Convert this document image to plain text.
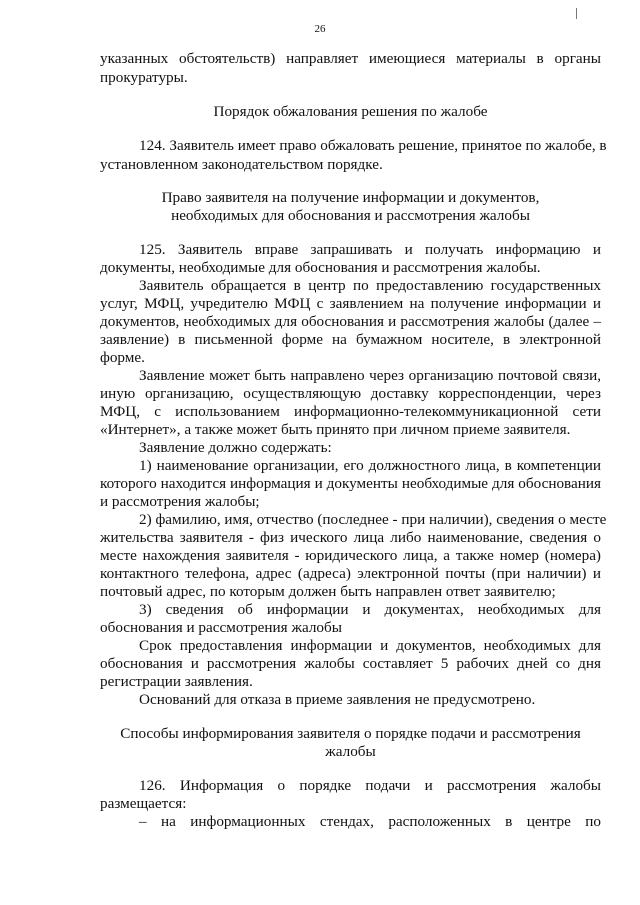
26
указанных обстоятельств) направляет имеющиеся материалы в органы
прокуратуры.
Порядок обжалования решения по жалобе
124. Заявитель имеет право обжаловать решение, принятое по жалобе, в
установленном законодательством порядке.
Право заявителя на получение информации и документов,
необходимых для обоснования и рассмотрения жалобы
125. Заявитель вправе запрашивать и получать информацию и
документы, необходимые для обоснования и рассмотрения жалобы.
Заявитель обращается в центр по предоставлению государственных
услуг, МФЦ, учредителю МФЦ с заявлением на получение информации и
документов, необходимых для обоснования и рассмотрения жалобы (далее –
заявление) в письменной форме на бумажном носителе, в электронной
форме.
Заявление может быть направлено через организацию почтовой связи,
иную организацию, осуществляющую доставку корреспонденции, через
МФЦ, с использованием информационно-телекоммуникационной сети
«Интернет», а также может быть принято при личном приеме заявителя.
Заявление должно содержать:
1) наименование организации, его должностного лица, в компетенции
которого находится информация и документы необходимые для обоснования
и рассмотрения жалобы;
2) фамилию, имя, отчество (последнее - при наличии), сведения о месте
жительства заявителя - физ ического лица либо наименование, сведения о
месте нахождения заявителя - юридического лица, а также номер (номера)
контактного телефона, адрес (адреса) электронной почты (при наличии) и
почтовый адрес, по которым должен быть направлен ответ заявителю;
3) сведения об информации и документах, необходимых для
обоснования и рассмотрения жалобы
Срок предоставления информации и документов, необходимых для
обоснования и рассмотрения жалобы составляет 5 рабочих дней со дня
регистрации заявления.
Оснований для отказа в приеме заявления не предусмотрено.
Способы информирования заявителя о порядке подачи и рассмотрения
жалобы
126. Информация о порядке подачи и рассмотрения жалобы
размещается:
– на информационных стендах, расположенных в центре по
